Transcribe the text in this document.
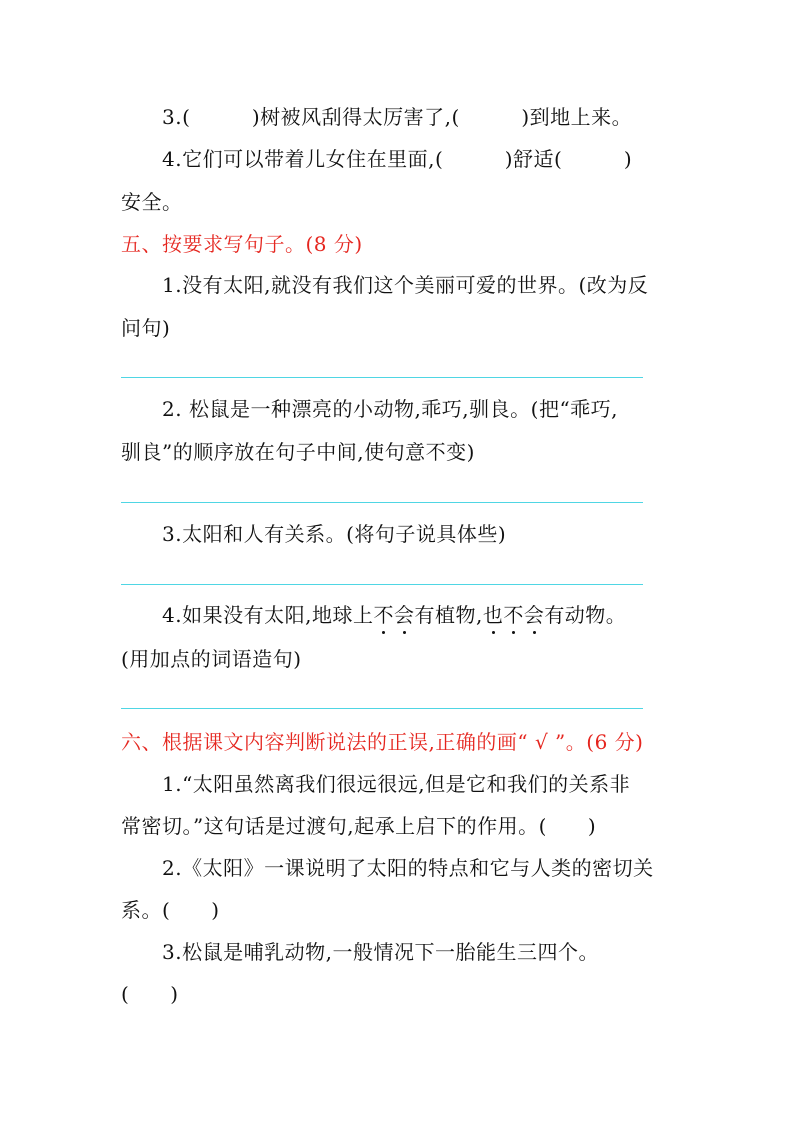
3.(　　　)树被风刮得太厉害了,(　　　)到地上来。
4.它们可以带着儿女住在里面,(　　　)舒适(　　　)
安全。
五、按要求写句子。(8 分)
1.没有太阳,就没有我们这个美丽可爱的世界。(改为反
问句)
2. 松鼠是一种漂亮的小动物,乖巧,驯良。(把“乖巧,
驯良”的顺序放在句子中间,使句意不变)
3.太阳和人有关系。(将句子说具体些)
4.如果没有太阳,地球上不会有植物,也不会有动物。
(用加点的词语造句)
六、根据课文内容判断说法的正误,正确的画“ √ ”。(6 分)
1.“太阳虽然离我们很远很远,但是它和我们的关系非
常密切。”这句话是过渡句,起承上启下的作用。(　　)
2.《太阳》一课说明了太阳的特点和它与人类的密切关
系。(　　)
3.松鼠是哺乳动物,一般情况下一胎能生三四个。
(　　)
